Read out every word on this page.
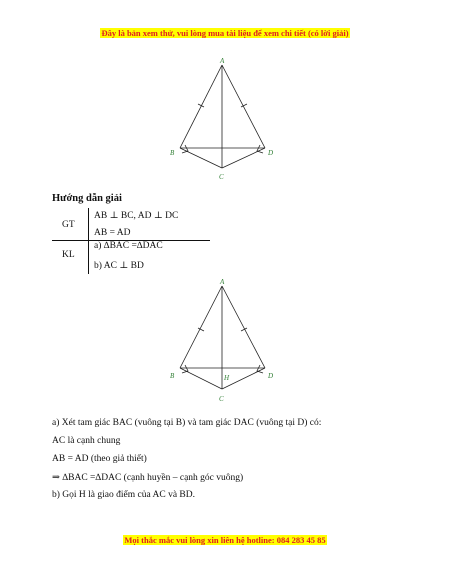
Đây là bản xem thử, vui lòng mua tài liệu để xem chi tiết (có lời giải)
A
B
C
D
Hướng dẫn giải
GT
AB ⊥ BC, AD ⊥ DC
AB = AD
KL
a) ∆BAC =∆DAC
b) AC ⊥ BD
A
B	H
C
D
a) Xét tam giác BAC (vuông tại B) và tam giác DAC (vuông tại D) có:
AC là cạnh chung
AB = AD (theo giả thiết)
⇒ ∆BAC =∆DAC (cạnh huyền – cạnh góc vuông)
b) Gọi H là giao điểm của AC và BD.
Mọi thắc mắc vui lòng xin liên hệ hotline: 084 283 45 85
